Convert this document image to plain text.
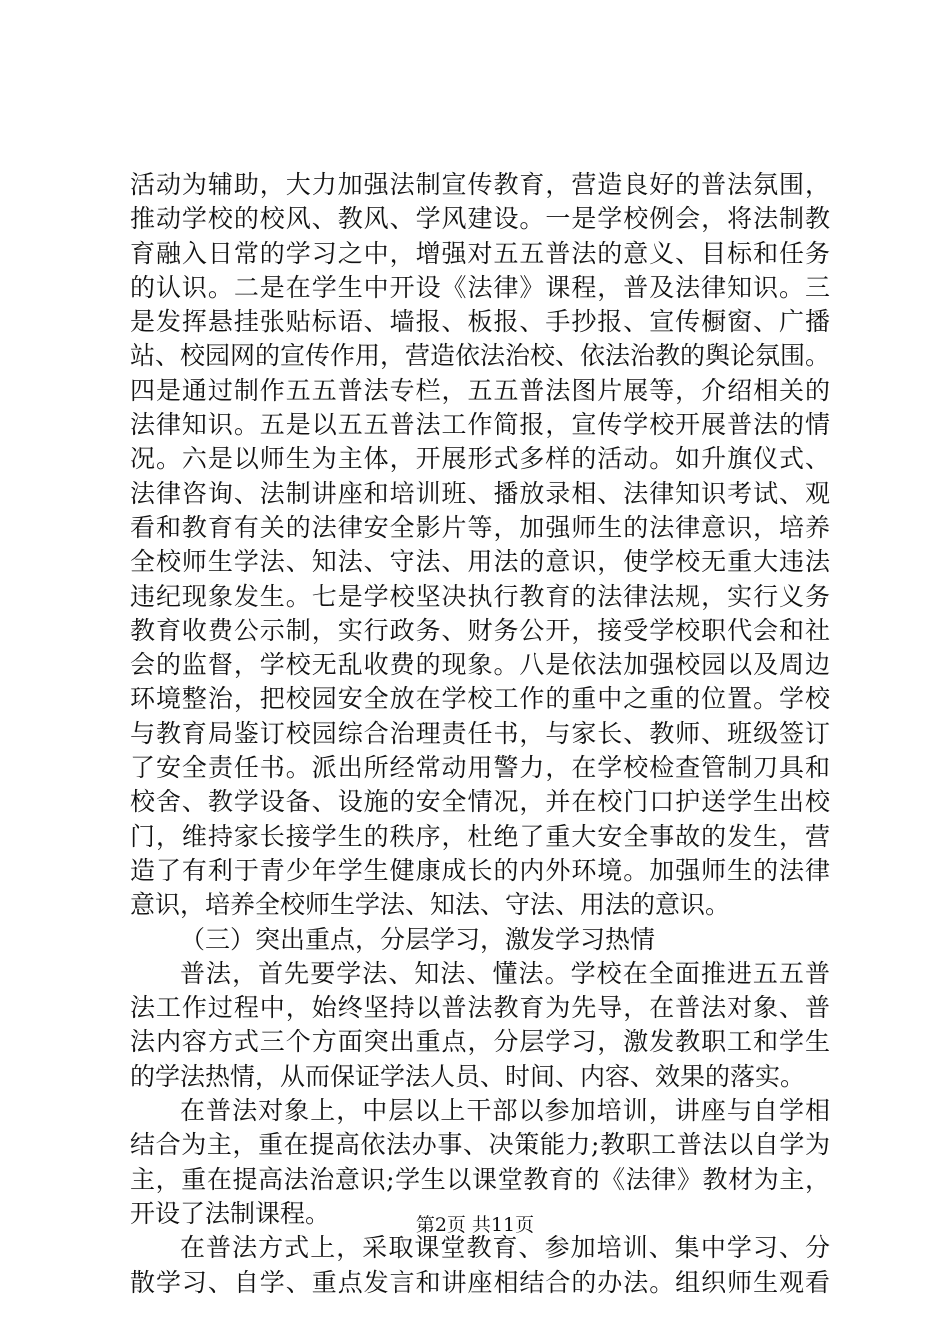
活动为辅助，大力加强法制宣传教育，营造良好的普法氛围，
推动学校的校风、教风、学风建设。一是学校例会，将法制教
育融入日常的学习之中，增强对五五普法的意义、目标和任务
的认识。二是在学生中开设《法律》课程，普及法律知识。三
是发挥悬挂张贴标语、墙报、板报、手抄报、宣传橱窗、广播
站、校园网的宣传作用，营造依法治校、依法治教的舆论氛围。
四是通过制作五五普法专栏，五五普法图片展等，介绍相关的
法律知识。五是以五五普法工作简报，宣传学校开展普法的情
况。六是以师生为主体，开展形式多样的活动。如升旗仪式、
法律咨询、法制讲座和培训班、播放录相、法律知识考试、观
看和教育有关的法律安全影片等，加强师生的法律意识，培养
全校师生学法、知法、守法、用法的意识，使学校无重大违法
违纪现象发生。七是学校坚决执行教育的法律法规，实行义务
教育收费公示制，实行政务、财务公开，接受学校职代会和社
会的监督，学校无乱收费的现象。八是依法加强校园以及周边
环境整治，把校园安全放在学校工作的重中之重的位置。学校
与教育局鉴订校园综合治理责任书，与家长、教师、班级签订
了安全责任书。派出所经常动用警力，在学校检查管制刀具和
校舍、教学设备、设施的安全情况，并在校门口护送学生出校
门，维持家长接学生的秩序，杜绝了重大安全事故的发生，营
造了有利于青少年学生健康成长的内外环境。加强师生的法律
意识，培养全校师生学法、知法、守法、用法的意识。
（三）突出重点，分层学习，激发学习热情
普法，首先要学法、知法、懂法。学校在全面推进五五普
法工作过程中，始终坚持以普法教育为先导，在普法对象、普
法内容方式三个方面突出重点，分层学习，激发教职工和学生
的学法热情，从而保证学法人员、时间、内容、效果的落实。
在普法对象上，中层以上干部以参加培训，讲座与自学相
结合为主，重在提高依法办事、决策能力;教职工普法以自学为
主，重在提高法治意识;学生以课堂教育的《法律》教材为主，
开设了法制课程。
在普法方式上，采取课堂教育、参加培训、集中学习、分
散学习、自学、重点发言和讲座相结合的办法。组织师生观看
第2页 共11页
